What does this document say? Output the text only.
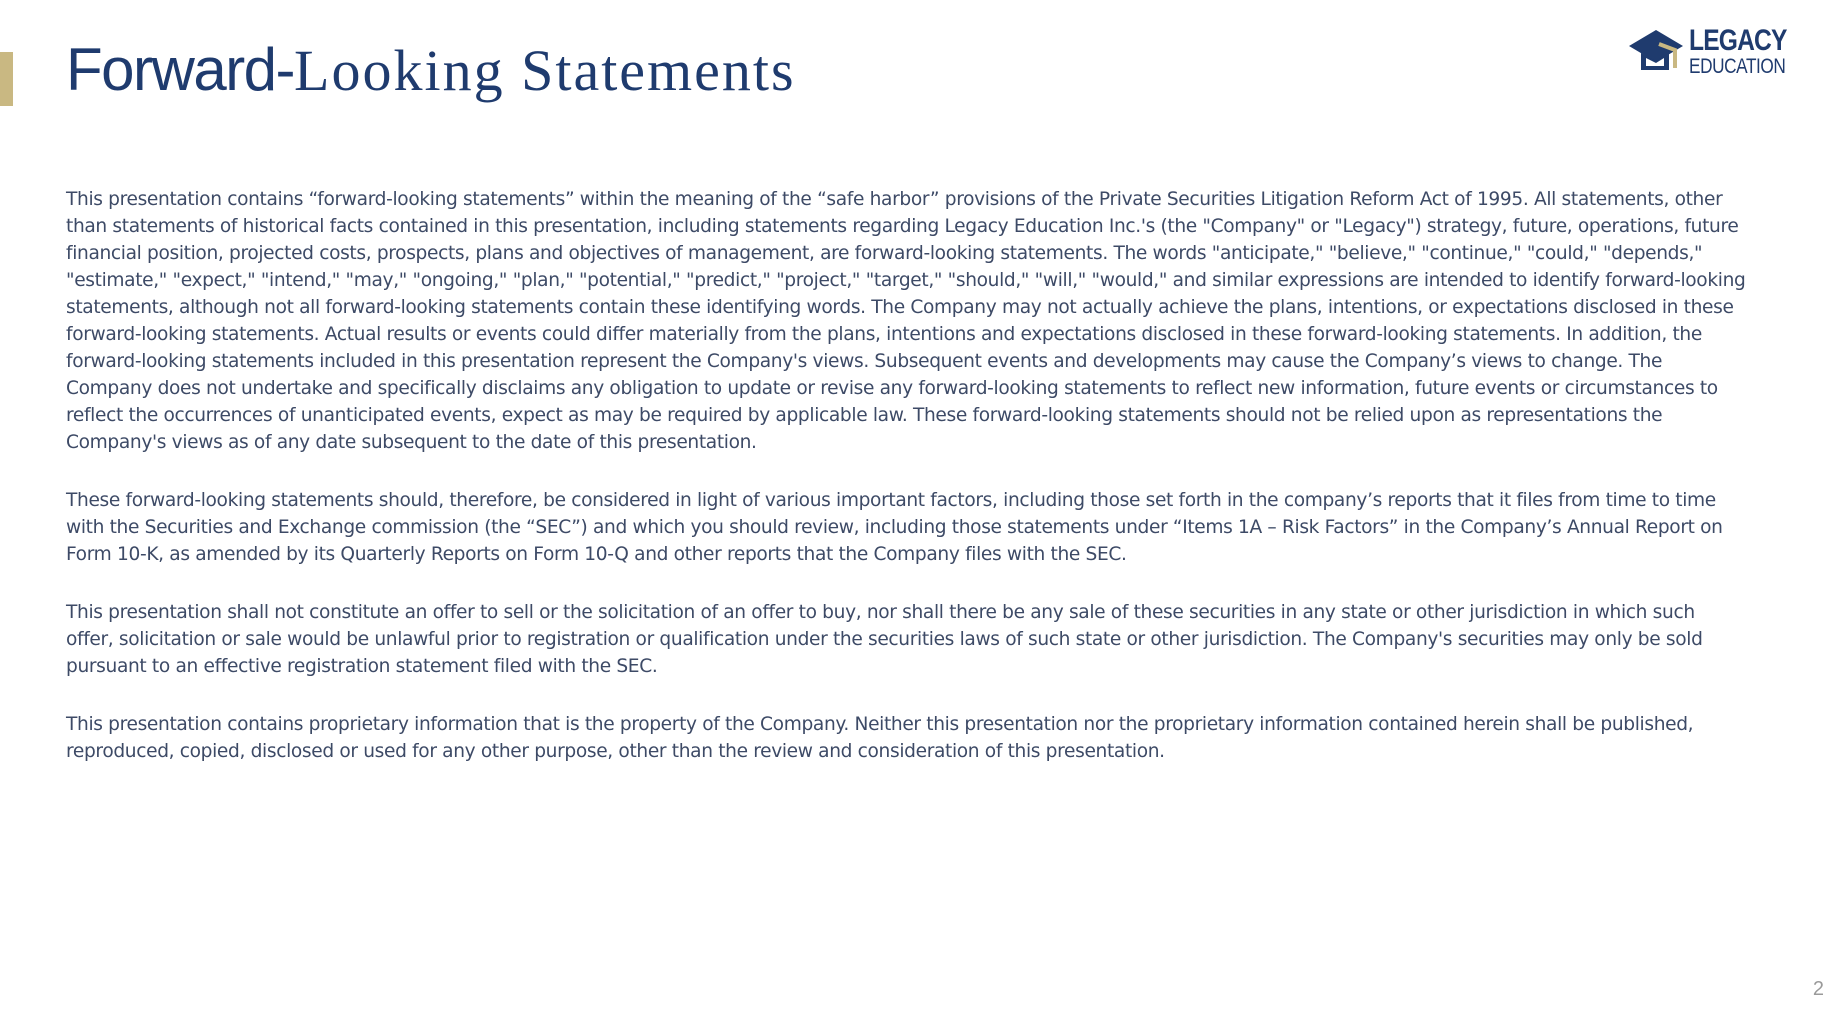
Forward-Looking Statements	LEGACY
EDUCATION

This presentation contains “forward-looking statements” within the meaning of the “safe harbor” provisions of the Private Securities Litigation Reform Act of 1995. All statements, other than statements of historical facts contained in this presentation, including statements regarding Legacy Education Inc.'s (the "Company" or "Legacy") strategy, future, operations, future financial position, projected costs, prospects, plans and objectives of management, are forward-looking statements. The words "anticipate," "believe," "continue," "could," "depends," "estimate," "expect," "intend," "may," "ongoing," "plan," "potential," "predict," "project," "target," "should," "will," "would," and similar expressions are intended to identify forward-looking statements, although not all forward-looking statements contain these identifying words. The Company may not actually achieve the plans, intentions, or expectations disclosed in these forward-looking statements. Actual results or events could differ materially from the plans, intentions and expectations disclosed in these forward-looking statements. In addition, the forward-looking statements included in this presentation represent the Company's views. Subsequent events and developments may cause the Company’s views to change. The Company does not undertake and specifically disclaims any obligation to update or revise any forward-looking statements to reflect new information, future events or circumstances to reflect the occurrences of unanticipated events, expect as may be required by applicable law. These forward-looking statements should not be relied upon as representations the Company's views as of any date subsequent to the date of this presentation.

These forward-looking statements should, therefore, be considered in light of various important factors, including those set forth in the company’s reports that it files from time to time with the Securities and Exchange commission (the “SEC”) and which you should review, including those statements under “Items 1A – Risk Factors” in the Company’s Annual Report on Form 10-K, as amended by its Quarterly Reports on Form 10-Q and other reports that the Company files with the SEC.

This presentation shall not constitute an offer to sell or the solicitation of an offer to buy, nor shall there be any sale of these securities in any state or other jurisdiction in which such offer, solicitation or sale would be unlawful prior to registration or qualification under the securities laws of such state or other jurisdiction. The Company's securities may only be sold pursuant to an effective registration statement filed with the SEC.

This presentation contains proprietary information that is the property of the Company. Neither this presentation nor the proprietary information contained herein shall be published, reproduced, copied, disclosed or used for any other purpose, other than the review and consideration of this presentation.

2
